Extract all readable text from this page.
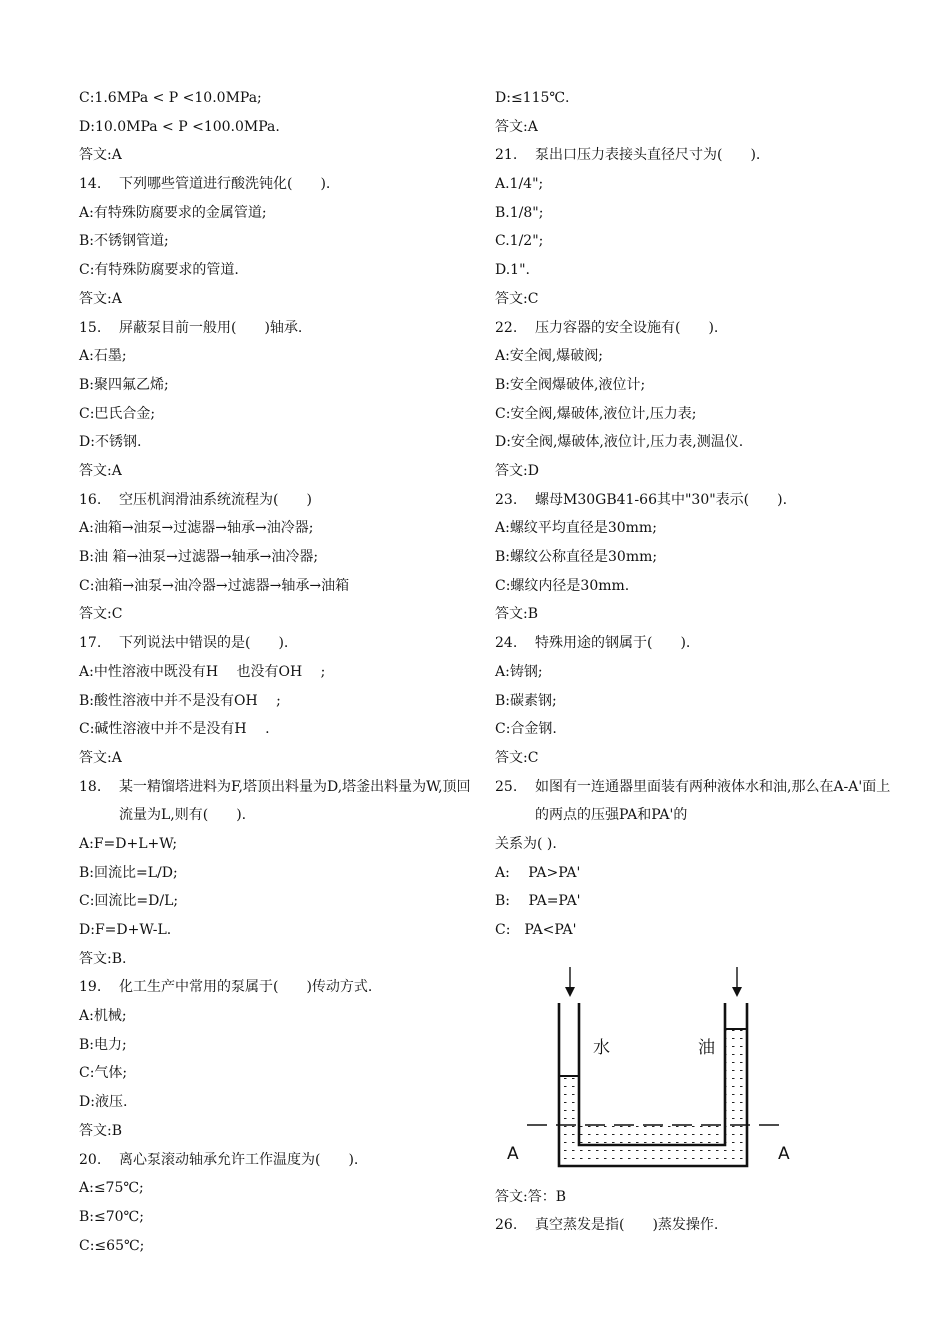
C:1.6MPa < P <10.0MPa;
D:10.0MPa < P <100.0MPa.
答文:A
14.	下列哪些管道进行酸洗钝化(　　).
A:有特殊防腐要求的金属管道;
B:不锈钢管道;
C:有特殊防腐要求的管道.
答文:A
15.	屏蔽泵目前一般用(　　)轴承.
A:石墨;
B:聚四氟乙烯;
C:巴氏合金;
D:不锈钢.
答文:A
16.	空压机润滑油系统流程为(　　)
A:油箱→油泵→过滤器→轴承→油冷器;
B:油 箱→油泵→过滤器→轴承→油冷器;
C:油箱→油泵→油冷器→过滤器→轴承→油箱
答文:C
17.	下列说法中错误的是(　　).
A:中性溶液中既没有H　 也没有OH　 ;
B:酸性溶液中并不是没有OH　 ;
C:碱性溶液中并不是没有H　 .
答文:A
18.	某一精馏塔进料为F,塔顶出料量为D,塔釜出料量为W,顶回流量为L,则有(　　).
A:F=D+L+W;
B:回流比=L/D;
C:回流比=D/L;
D:F=D+W-L.
答文:B.
19.	化工生产中常用的泵属于(　　)传动方式.
A:机械;
B:电力;
C:气体;
D:液压.
答文:B
20.	离心泵滚动轴承允许工作温度为(　　).
A:≤75℃;
B:≤70℃;
C:≤65℃;
D:≤115℃.
答文:A
21.	泵出口压力表接头直径尺寸为(　　).
A.1/4";
B.1/8";
C.1/2";
D.1".
答文:C
22.	压力容器的安全设施有(　　).
A:安全阀,爆破阀;
B:安全阀爆破体,液位计;
C:安全阀,爆破体,液位计,压力表;
D:安全阀,爆破体,液位计,压力表,测温仪.
答文:D
23.	螺母M30GB41-66其中"30"表示(　　).
A:螺纹平均直径是30mm;
B:螺纹公称直径是30mm;
C:螺纹内径是30mm.
答文:B
24.	特殊用途的钢属于(　　).
A:铸钢;
B:碳素钢;
C:合金钢.
答文:C
25.	如图有一连通器里面装有两种液体水和油,那么在A-A'面上的两点的压强PA和PA'的
关系为( ).
A:　 PA>PA'
B:　 PA=PA'
C:　PA<PA'
水	油
A	A
答文:答：B
26.	真空蒸发是指(　　)蒸发操作.
